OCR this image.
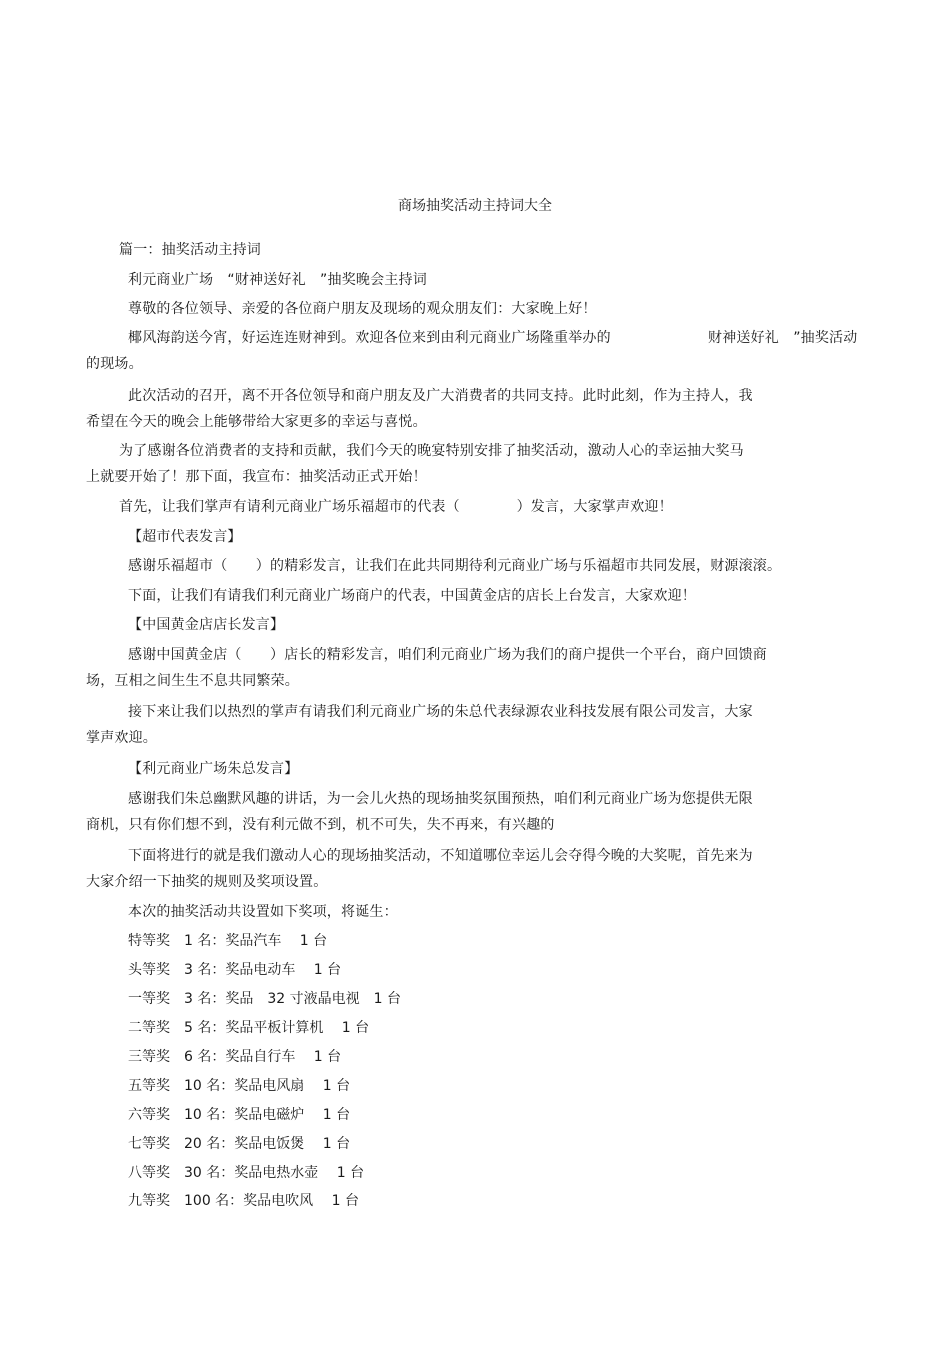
商场抽奖活动主持词大全
篇一：抽奖活动主持词
利元商业广场　“财神送好礼　”抽奖晚会主持词
尊敬的各位领导、亲爱的各位商户朋友及现场的观众朋友们：大家晚上好！
椰风海韵送今宵，好运连连财神到。欢迎各位来到由利元商业广场隆重举办的	财神送好礼　”抽奖活动
的现场。
此次活动的召开，离不开各位领导和商户朋友及广大消费者的共同支持。此时此刻，作为主持人，我
希望在今天的晚会上能够带给大家更多的幸运与喜悦。
为了感谢各位消费者的支持和贡献，我们今天的晚宴特别安排了抽奖活动，激动人心的幸运抽大奖马
上就要开始了！那下面，我宣布：抽奖活动正式开始！
首先，让我们掌声有请利元商业广场乐福超市的代表（　　　　）发言，大家掌声欢迎！
【超市代表发言】
感谢乐福超市（　　）的精彩发言，让我们在此共同期待利元商业广场与乐福超市共同发展，财源滚滚。
下面，让我们有请我们利元商业广场商户的代表，中国黄金店的店长上台发言，大家欢迎！
【中国黄金店店长发言】
感谢中国黄金店（　　）店长的精彩发言，咱们利元商业广场为我们的商户提供一个平台，商户回馈商
场，互相之间生生不息共同繁荣。
接下来让我们以热烈的掌声有请我们利元商业广场的朱总代表绿源农业科技发展有限公司发言，大家
掌声欢迎。
【利元商业广场朱总发言】
感谢我们朱总幽默风趣的讲话，为一会儿火热的现场抽奖氛围预热，咱们利元商业广场为您提供无限
商机，只有你们想不到，没有利元做不到，机不可失，失不再来，有兴趣的
下面将进行的就是我们激动人心的现场抽奖活动，不知道哪位幸运儿会夺得今晚的大奖呢，首先来为
大家介绍一下抽奖的规则及奖项设置。
本次的抽奖活动共设置如下奖项，将诞生：
特等奖　1 名：奖品汽车　 1 台
头等奖　3 名：奖品电动车　 1 台
一等奖　3 名：奖品　32 寸液晶电视　1 台
二等奖　5 名：奖品平板计算机　 1 台
三等奖　6 名：奖品自行车　 1 台
五等奖　10 名：奖品电风扇　 1 台
六等奖　10 名：奖品电磁炉　 1 台
七等奖　20 名：奖品电饭煲　 1 台
八等奖　30 名：奖品电热水壶　 1 台
九等奖　100 名：奖品电吹风　 1 台
